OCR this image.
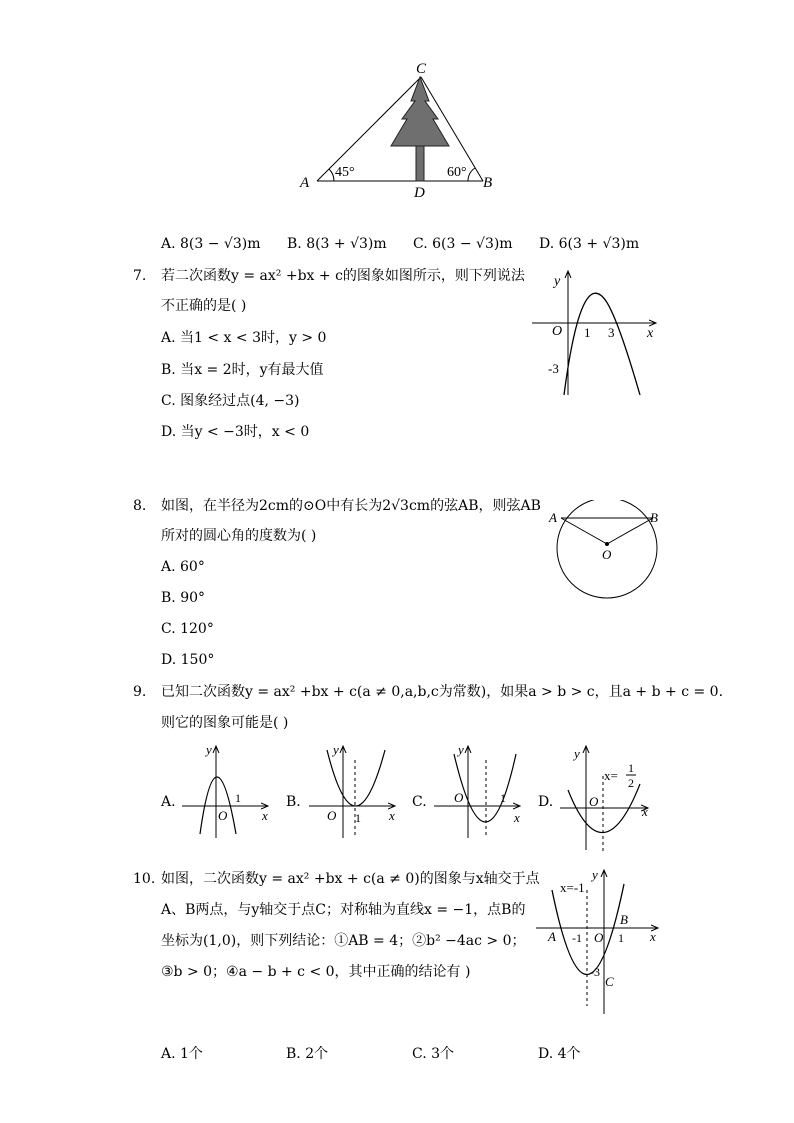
C
A	B
D
45°	60°
A. 8(3 − √3)m B. 8(3 + √3)m C. 6(3 − √3)m D. 6(3 + √3)m
7. 若二次函数y = ax² +bx + c的图象如图所示，则下列说法
不正确的是( )
A. 当1 < x < 3时，y > 0
B. 当x = 2时，y有最大值
C. 图象经过点(4, −3)
D. 当y < −3时，x < 0
y
x
O 1 3
-3
8. 如图，在半径为2cm的⊙O中有长为2√3cm的弦AB，则弦AB
所对的圆心角的度数为( )
A. 60°
B. 90°
C. 120°
D. 150°
A	B
O
9. 已知二次函数y = ax² +bx + c(a ≠ 0,a,b,c为常数)，如果a > b > c，且a + b + c = 0.
则它的图象可能是( )
A.	B.	C.	D.
y
x
O
1
y
x
O 1
y
x
O	1
y
x
O
x= 1
2
10. 如图，二次函数y = ax² +bx + c(a ≠ 0)的图象与x轴交于点
A、B两点，与y轴交于点C；对称轴为直线x = −1，点B的
坐标为(1,0)，则下列结论：①AB = 4；②b² −4ac > 0；
③b > 0；④a − b + c < 0，其中正确的结论有 )
x=-1
y
x
A
B
C
O
-1	1
-3
A. 1个	B. 2个	C. 3个	D. 4个
